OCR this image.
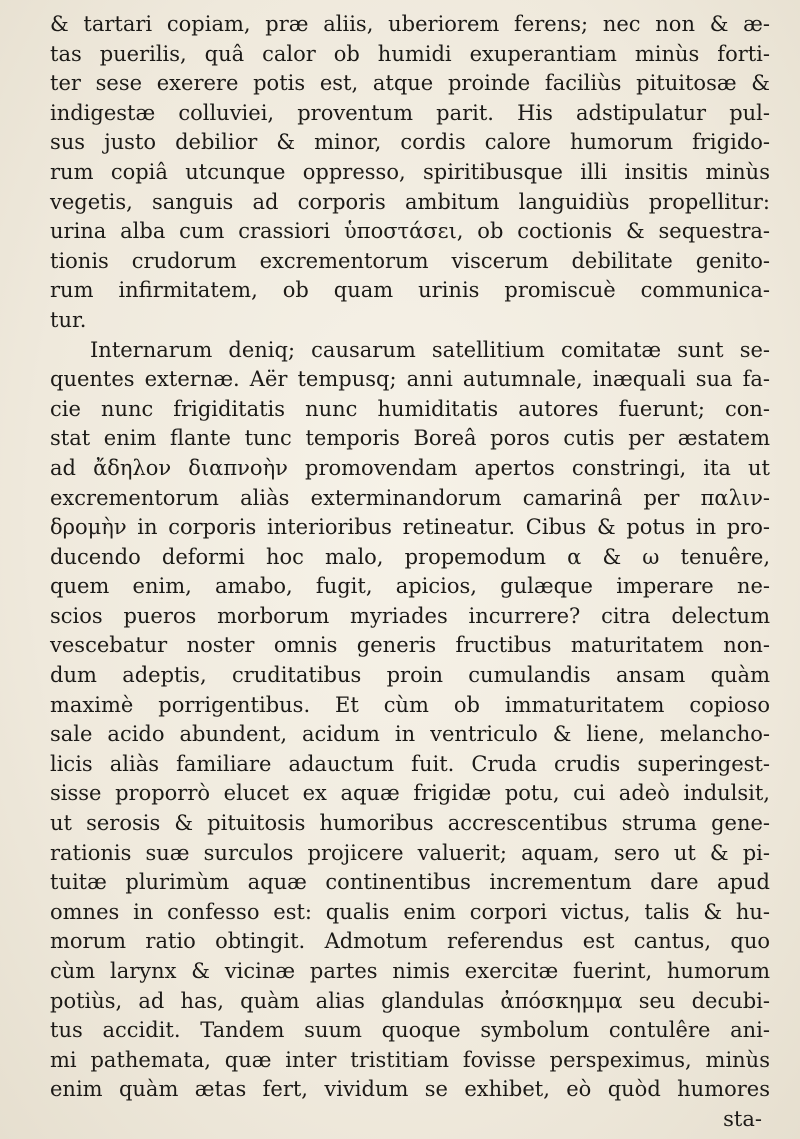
& tartari copiam, præ aliis, uberiorem ferens; nec non & æ-
tas puerilis, quâ calor ob humidi exuperantiam minùs forti-
ter sese exerere potis est, atque proinde faciliùs pituitosæ &
indigestæ colluviei, proventum parit. His adstipulatur pul-
sus justo debilior & minor, cordis calore humorum frigido-
rum copiâ utcunque oppresso, spiritibusque illi insitis minùs
vegetis, sanguis ad corporis ambitum languidiùs propellitur:
urina alba cum crassiori ὑποστάσει, ob coctionis & sequestra-
tionis crudorum excrementorum viscerum debilitate genito-
rum infirmitatem, ob quam urinis promiscuè communica-
tur.
Internarum deniq; causarum satellitium comitatæ sunt se-
quentes externæ. Aër tempusq; anni autumnale, inæquali sua fa-
cie nunc frigiditatis nunc humiditatis autores fuerunt; con-
stat enim flante tunc temporis Boreâ poros cutis per æstatem
ad ἄδηλον διαπνοὴν promovendam apertos constringi, ita ut
excrementorum aliàs exterminandorum camarinâ per παλιν-
δρομὴν in corporis interioribus retineatur. Cibus & potus in pro-
ducendo deformi hoc malo, propemodum α & ω tenuêre,
quem enim, amabo, fugit, apicios, gulæque imperare ne-
scios pueros morborum myriades incurrere? citra delectum
vescebatur noster omnis generis fructibus maturitatem non-
dum adeptis, cruditatibus proin cumulandis ansam quàm
maximè porrigentibus. Et cùm ob immaturitatem copioso
sale acido abundent, acidum in ventriculo & liene, melancho-
licis aliàs familiare adauctum fuit. Cruda crudis superingest-
sisse proporrò elucet ex aquæ frigidæ potu, cui adeò indulsit,
ut serosis & pituitosis humoribus accrescentibus struma gene-
rationis suæ surculos projicere valuerit; aquam, sero ut & pi-
tuitæ plurimùm aquæ continentibus incrementum dare apud
omnes in confesso est: qualis enim corpori victus, talis & hu-
morum ratio obtingit. Admotum referendus est cantus, quo
cùm larynx & vicinæ partes nimis exercitæ fuerint, humorum
potiùs, ad has, quàm alias glandulas ἀπόσκημμα seu decubi-
tus accidit. Tandem suum quoque symbolum contulêre ani-
mi pathemata, quæ inter tristitiam fovisse perspeximus, minùs
enim quàm ætas fert, vividum se exhibet, eò quòd humores
sta-
